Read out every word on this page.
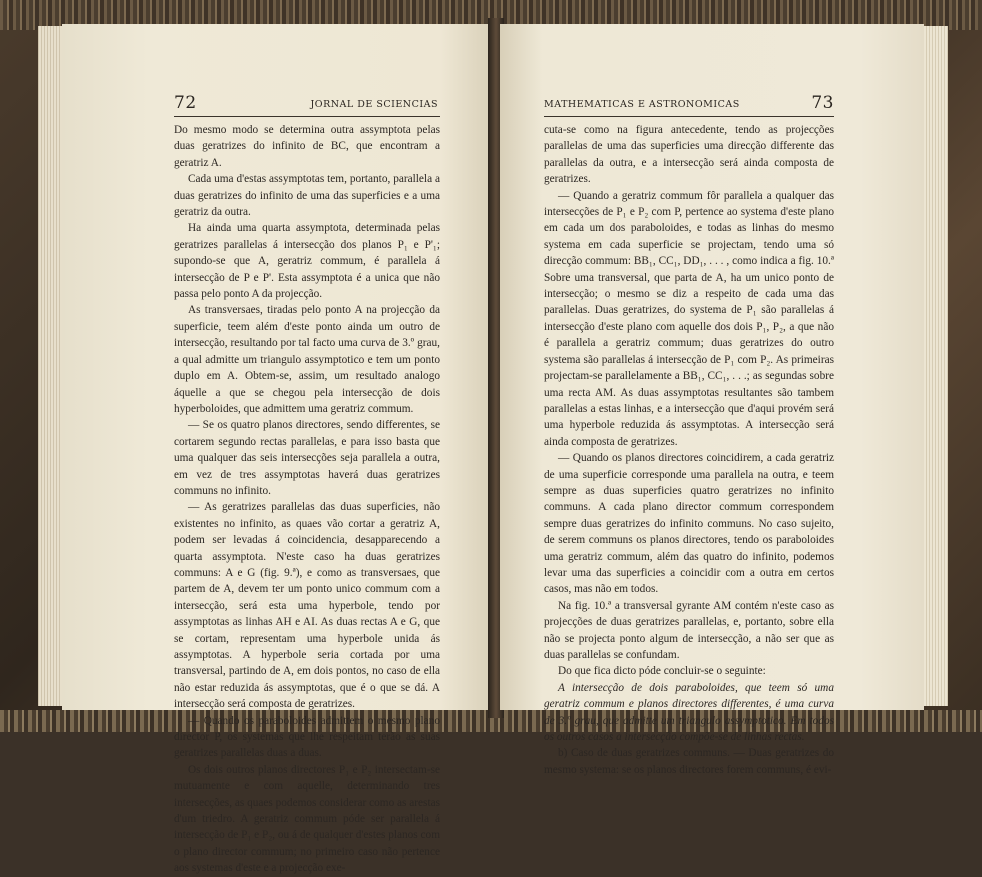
72	JORNAL DE SCIENCIAS

Do mesmo modo se determina outra assymptota pelas duas geratrizes do infinito de BC, que encontram a geratriz A.

Cada uma d'estas assymptotas tem, portanto, parallela a duas geratrizes do infinito de uma das superficies e a uma geratriz da outra.

Ha ainda uma quarta assymptota, determinada pelas geratrizes parallelas á intersecção dos planos P₁ e P'₁; supondo-se que A, geratriz commum, é parallela á intersecção de P e P'. Esta assymptota é a unica que não passa pelo ponto A da projecção.

As transversaes, tiradas pelo ponto A na projecção da superficie, teem além d'este ponto ainda um outro de intersecção, resultando por tal facto uma curva de 3.º grau, a qual admitte um triangulo assymptotico e tem um ponto duplo em A. Obtem-se, assim, um resultado analogo áquelle a que se chegou pela intersecção de dois hyperboloides, que admittem uma geratriz commum.

— Se os quatro planos directores, sendo differentes, se cortarem segundo rectas parallelas, e para isso basta que uma qualquer das seis intersecções seja parallela a outra, em vez de tres assymptotas haverá duas geratrizes communs no infinito.

— As geratrizes parallelas das duas superficies, não existentes no infinito, as quaes vão cortar a geratriz A, podem ser levadas á coincidencia, desapparecendo a quarta assymptota. N'este caso ha duas geratrizes communs: A e G (fig. 9.ª), e como as transversaes, que partem de A, devem ter um ponto unico commum com a intersecção, será esta uma hyperbole, tendo por assymptotas as linhas AH e AI. As duas rectas A e G, que se cortam, representam uma hyperbole unida ás assymptotas. A hyperbole seria cortada por uma transversal, partindo de A, em dois pontos, no caso de ella não estar reduzida ás assymptotas, que é o que se dá. A intersecção será composta de geratrizes.

— Quando os paraboloides admittem o mesmo plano director P, os systemas que lhe respeitam terão as suas geratrizes parallelas duas a duas.

Os dois outros planos directores P₁ e P₂ intersectam-se mutuamente e com aquelle, determinando tres intersecções, as quaes podemos considerar como as arestas d'um triedro. A geratriz commum póde ser parallela á intersecção de P₁ e P₂, ou á de qualquer d'estes planos com o plano director commum; no primeiro caso não pertence aos systemas d'este e a projecção exe-

MATHEMATICAS E ASTRONOMICAS	73

cuta-se como na figura antecedente, tendo as projecções parallelas de uma das superficies uma direcção differente das parallelas da outra, e a intersecção será ainda composta de geratrizes.

— Quando a geratriz commum fôr parallela a qualquer das intersecções de P₁ e P₂ com P, pertence ao systema d'este plano em cada um dos paraboloides, e todas as linhas do mesmo systema em cada superficie se projectam, tendo uma só direcção commum: BB₁, CC₁, DD₁, . . . , como indica a fig. 10.ª Sobre uma transversal, que parta de A, ha um unico ponto de intersecção; o mesmo se diz a respeito de cada uma das parallelas. Duas geratrizes, do systema de P₁ são parallelas á intersecção d'este plano com aquelle dos dois P₁, P₂, a que não é parallela a geratriz commum; duas geratrizes do outro systema são parallelas á intersecção de P₁ com P₂. As primeiras projectam-se parallelamente a BB₁, CC₁, . . .; as segundas sobre uma recta AM. As duas assymptotas resultantes são tambem parallelas a estas linhas, e a intersecção que d'aqui provém será uma hyperbole reduzida ás assymptotas. A intersecção será ainda composta de geratrizes.

— Quando os planos directores coincidirem, a cada geratriz de uma superficie corresponde uma parallela na outra, e teem sempre as duas superficies quatro geratrizes no infinito communs. A cada plano director commum correspondem sempre duas geratrizes do infinito communs. No caso sujeito, de serem communs os planos directores, tendo os paraboloides uma geratriz commum, além das quatro do infinito, podemos levar uma das superficies a coincidir com a outra em certos casos, mas não em todos.

Na fig. 10.ª a transversal gyrante AM contém n'este caso as projecções de duas geratrizes parallelas, e, portanto, sobre ella não se projecta ponto algum de intersecção, a não ser que as duas parallelas se confundam.

Do que fica dicto póde concluir-se o seguinte:

A intersecção de dois paraboloides, que teem só uma geratriz commum e planos directores differentes, é uma curva de 3.º grau, que admitte um triangulo assymptotico. Em todos os outros casos a intersecção compõe-se de linhas rectas.

b) Caso de duas geratrizes communs. — Duas geratrizes do mesmo systema: se os planos directores forem communs, é evi-
